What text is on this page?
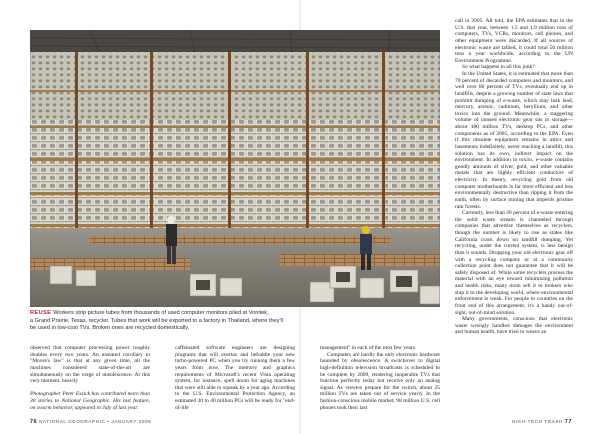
REUSE Workers strip picture tubes from thousands of used computer monitors piled at Vonitek,
a Grand Prairie, Texas, recycler. Tubes that work will be exported to a factory in Thailand, where they'll
be used in low-cost TVs. Broken ones are recycled domestically.

observed that computer processing power roughly doubles every two years. An unstated corollary to "Moore's law" is that at any given time, all the machines considered state-of-the-art are simultaneously on the verge of obsolescence. At this very moment, heavily

Photographer Peter Essick has contributed more than 30 stories to National Geographic. His last feature, on swarm behavior, appeared in July of last year.

caffeinated software engineers are designing programs that will overtax and befuddle your new turbo-powered PC when you try running them a few years from now. The memory and graphics requirements of Microsoft's recent Vista operating system, for instance, spell doom for aging machines that were still able to squeak by a year ago. According to the U.S. Environmental Protection Agency, an estimated 30 to 40 million PCs will be ready for "end-of-life

management" in each of the next few years.

Computers are hardly the only electronic hardware hounded by obsolescence. A switchover to digital high-definition television broadcasts is scheduled to be complete by 2009, rendering inoperable TVs that function perfectly today but receive only an analog signal. As viewers prepare for the switch, about 25 million TVs are taken out of service yearly. In the fashion-conscious mobile market, 98 million U.S. cell phones took their last

call in 2005. All told, the EPA estimates that in the U.S. that year, between 1.5 and 1.9 million tons of computers, TVs, VCRs, monitors, cell phones, and other equipment were discarded. If all sources of electronic waste are tallied, it could total 50 million tons a year worldwide, according to the UN Environment Programme.

So what happens to all this junk?

In the United States, it is estimated that more than 70 percent of discarded computers and monitors, and well over 80 percent of TVs, eventually end up in landfills, despite a growing number of state laws that prohibit dumping of e-waste, which may leak lead, mercury, arsenic, cadmium, beryllium, and other toxics into the ground. Meanwhile, a staggering volume of unused electronic gear sits in storage—about 180 million TVs, desktop PCs, and other components as of 2005, according to the EPA. Even if this obsolete equipment remains in attics and basements indefinitely, never reaching a landfill, this solution has its own, indirect impact on the environment. In addition to toxics, e-waste contains goodly amounts of silver, gold, and other valuable metals that are highly efficient conductors of electricity. In theory, recycling gold from old computer motherboards is far more efficient and less environmentally destructive than ripping it from the earth, often by surface mining that imperils pristine rain forests.

Currently, less than 20 percent of e-waste entering the solid waste stream is channeled through companies that advertise themselves as recyclers, though the number is likely to rise as states like California crack down on landfill dumping. Yet recycling, under the current system, is less benign than it sounds. Dropping your old electronic gear off with a recycling company or at a community collection point does not guarantee that it will be safely disposed of. While some recyclers process the material with an eye toward minimizing pollution and health risks, many more sell it to brokers who ship it to the developing world, where environmental enforcement is weak. For people in countries on the front end of this arrangement, it's a handy out-of-sight, out-of-mind solution.

Many governments, conscious that electronic waste wrongly handled damages the environment and human health, have tried to weave an

76 NATIONAL GEOGRAPHIC • JANUARY 2008	HIGH-TECH TRASH 77
